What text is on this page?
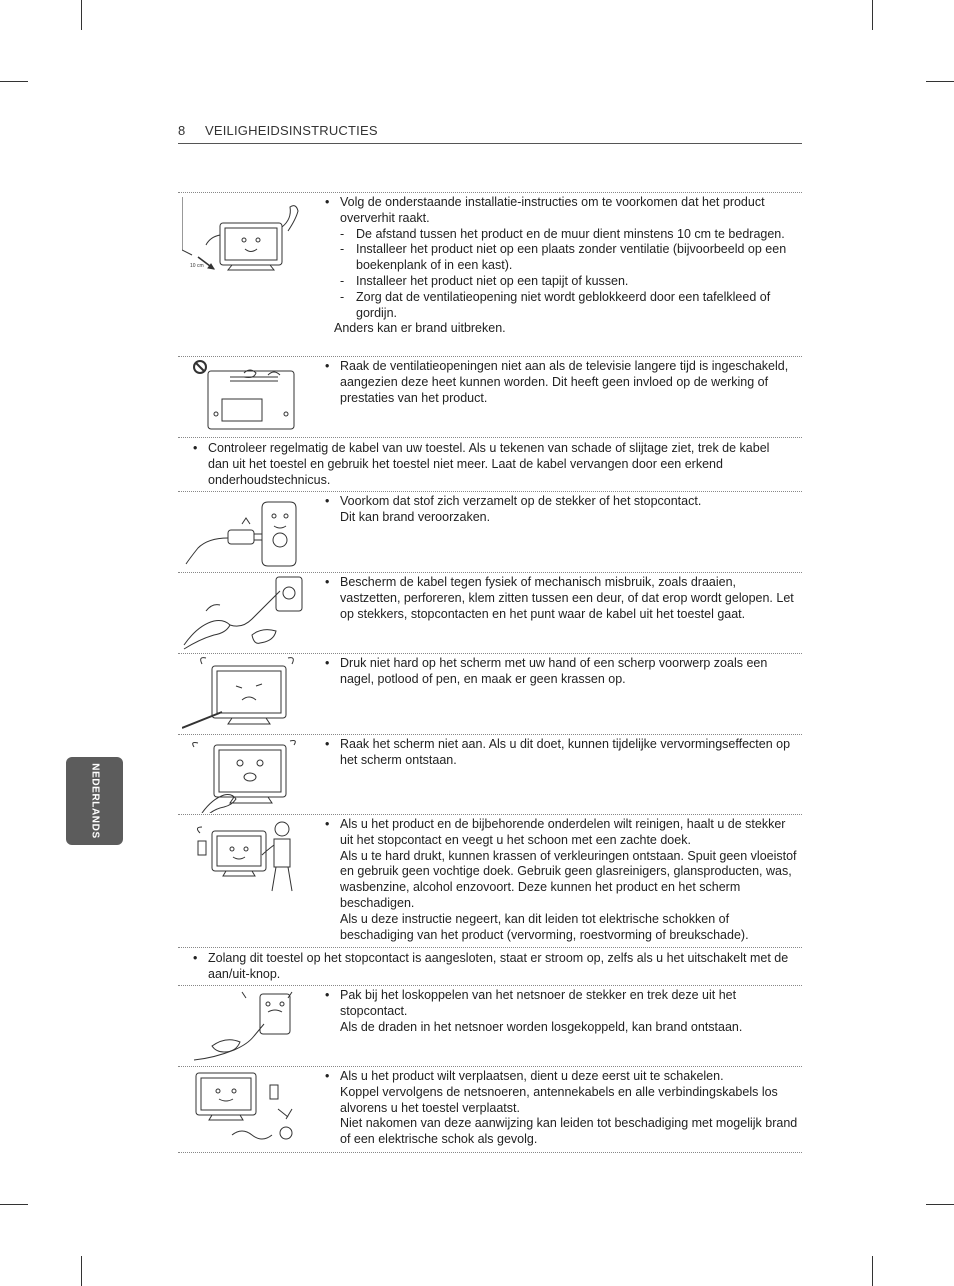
8 VEILIGHEIDSINSTRUCTIES
NEDERLANDS
10 cm
• Volg de onderstaande installatie-instructies om te voorkomen dat het product oververhit raakt.
- De afstand tussen het product en de muur dient minstens 10 cm te bedragen.
- Installeer het product niet op een plaats zonder ventilatie (bijvoorbeeld op een boekenplank of in een kast).
- Installeer het product niet op een tapijt of kussen.
- Zorg dat de ventilatieopening niet wordt geblokkeerd door een tafelkleed of gordijn.
Anders kan er brand uitbreken.
• Raak de ventilatieopeningen niet aan als de televisie langere tijd is ingeschakeld, aangezien deze heet kunnen worden. Dit heeft geen invloed op de werking of prestaties van het product.
• Controleer regelmatig de kabel van uw toestel. Als u tekenen van schade of slijtage ziet, trek de kabel dan uit het toestel en gebruik het toestel niet meer. Laat de kabel vervangen door een erkend onderhoudstechnicus.
• Voorkom dat stof zich verzamelt op de stekker of het stopcontact.
Dit kan brand veroorzaken.
• Bescherm de kabel tegen fysiek of mechanisch misbruik, zoals draaien, vastzetten, perforeren, klem zitten tussen een deur, of dat erop wordt gelopen. Let op stekkers, stopcontacten en het punt waar de kabel uit het toestel gaat.
• Druk niet hard op het scherm met uw hand of een scherp voorwerp zoals een nagel, potlood of pen, en maak er geen krassen op.
• Raak het scherm niet aan. Als u dit doet, kunnen tijdelijke vervormingseffecten op het scherm ontstaan.
• Als u het product en de bijbehorende onderdelen wilt reinigen, haalt u de stekker uit het stopcontact en veegt u het schoon met een zachte doek.
Als u te hard drukt, kunnen krassen of verkleuringen ontstaan. Spuit geen vloeistof en gebruik geen vochtige doek. Gebruik geen glasreinigers, glansproducten, was, wasbenzine, alcohol enzovoort. Deze kunnen het product en het scherm beschadigen.
Als u deze instructie negeert, kan dit leiden tot elektrische schokken of beschadiging van het product (vervorming, roestvorming of breukschade).
• Zolang dit toestel op het stopcontact is aangesloten, staat er stroom op, zelfs als u het uitschakelt met de aan/uit-knop.
• Pak bij het loskoppelen van het netsnoer de stekker en trek deze uit het stopcontact.
Als de draden in het netsnoer worden losgekoppeld, kan brand ontstaan.
• Als u het product wilt verplaatsen, dient u deze eerst uit te schakelen.
Koppel vervolgens de netsnoeren, antennekabels en alle verbindingskabels los alvorens u het toestel verplaatst.
Niet nakomen van deze aanwijzing kan leiden tot beschadiging met mogelijk brand of een elektrische schok als gevolg.
